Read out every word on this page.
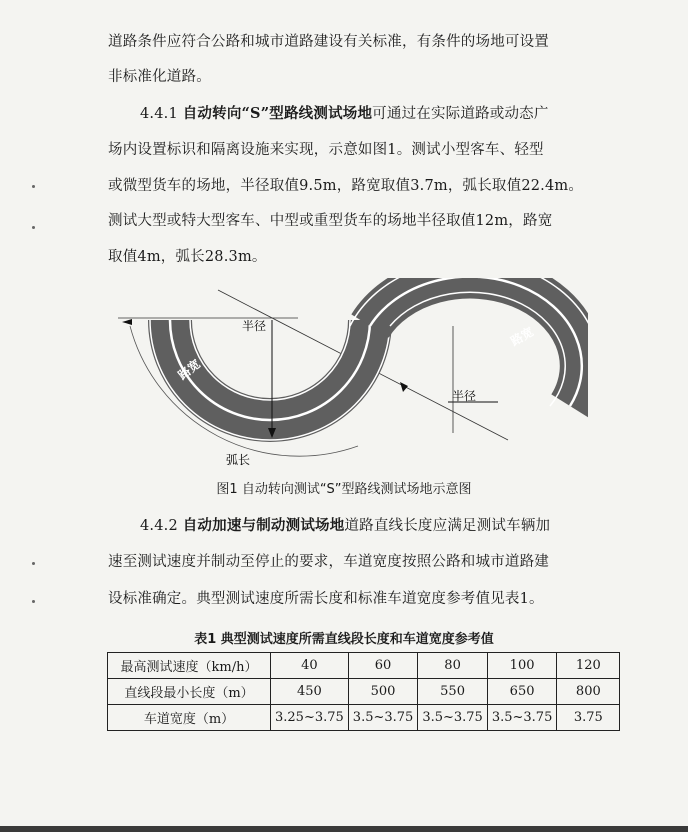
道路条件应符合公路和城市道路建设有关标准，有条件的场地可设置
非标准化道路。
4.4.1 自动转向“S”型路线测试场地可通过在实际道路或动态广
场内设置标识和隔离设施来实现，示意如图1。测试小型客车、轻型
或微型货车的场地，半径取值9.5m，路宽取值3.7m，弧长取值22.4m。
测试大型或特大型客车、中型或重型货车的场地半径取值12m，路宽
取值4m，弧长28.3m。
半径
半径
路宽
路宽
弧长
图1 自动转向测试“S”型路线测试场地示意图
4.4.2 自动加速与制动测试场地道路直线长度应满足测试车辆加
速至测试速度并制动至停止的要求，车道宽度按照公路和城市道路建
设标准确定。典型测试速度所需长度和标准车道宽度参考值见表1。
表1 典型测试速度所需直线段长度和车道宽度参考值
最高测试速度（km/h）	40	60	80	100	120
直线段最小长度（m）	450	500	550	650	800
车道宽度（m）	3.25~3.75	3.5~3.75	3.5~3.75	3.5~3.75	3.75
